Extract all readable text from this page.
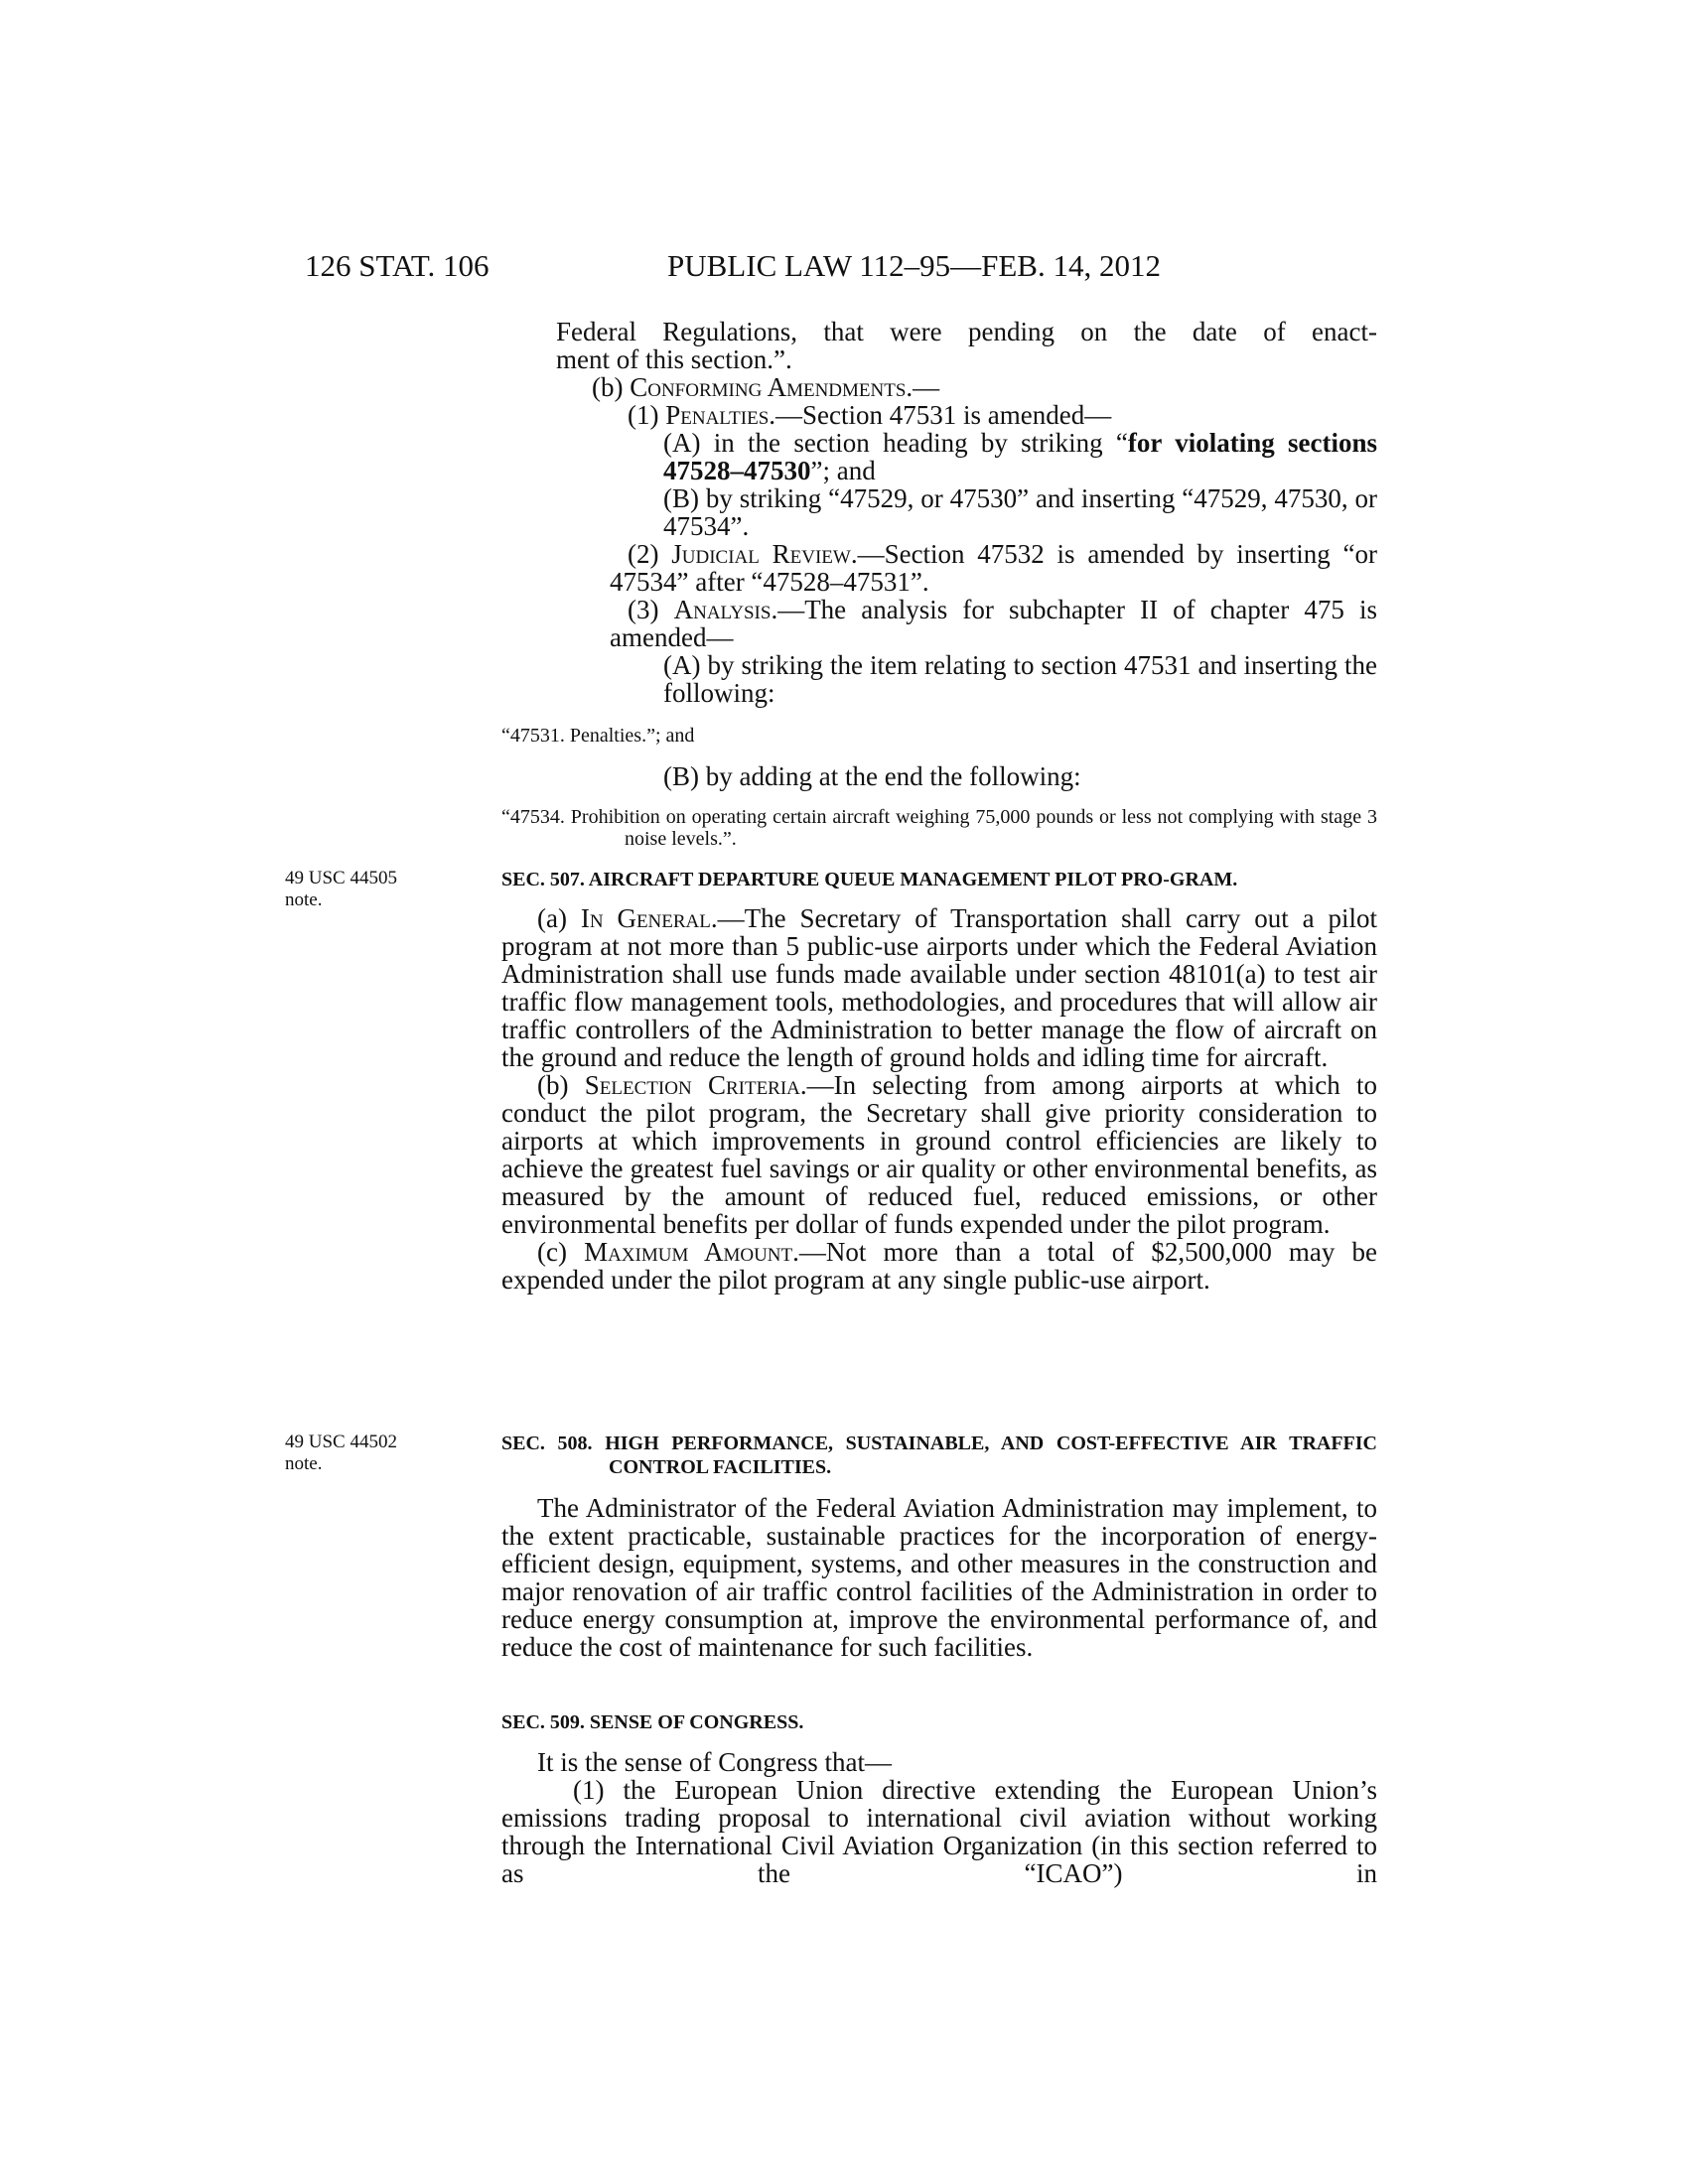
126 STAT. 106	PUBLIC LAW 112–95—FEB. 14, 2012
Federal Regulations, that were pending on the date of enact-
ment of this section.”.
(b) Conforming Amendments.—
(1) Penalties.—Section 47531 is amended—
(A) in the section heading by striking “for violating sections 47528–47530”; and
(B) by striking “47529, or 47530” and inserting “47529, 47530, or 47534”.
(2) Judicial Review.—Section 47532 is amended by inserting “or 47534” after “47528–47531”.
(3) Analysis.—The analysis for subchapter II of chapter 475 is amended—
(A) by striking the item relating to section 47531 and inserting the following:
“47531. Penalties.”; and
(B) by adding at the end the following:
“47534. Prohibition on operating certain aircraft weighing 75,000 pounds or less not complying with stage 3 noise levels.”.
49 USC 44505
note.
49 USC 44502
note.
SEC. 507. AIRCRAFT DEPARTURE QUEUE MANAGEMENT PILOT PRO-GRAM.
(a) In General.—The Secretary of Transportation shall carry out a pilot program at not more than 5 public-use airports under which the Federal Aviation Administration shall use funds made available under section 48101(a) to test air traffic flow management tools, methodologies, and procedures that will allow air traffic controllers of the Administration to better manage the flow of aircraft on the ground and reduce the length of ground holds and idling time for aircraft.
(b) Selection Criteria.—In selecting from among airports at which to conduct the pilot program, the Secretary shall give priority consideration to airports at which improvements in ground control efficiencies are likely to achieve the greatest fuel savings or air quality or other environmental benefits, as measured by the amount of reduced fuel, reduced emissions, or other environmental benefits per dollar of funds expended under the pilot program.
(c) Maximum Amount.—Not more than a total of $2,500,000 may be expended under the pilot program at any single public-use airport.
SEC. 508. HIGH PERFORMANCE, SUSTAINABLE, AND COST-EFFECTIVE AIR TRAFFIC CONTROL FACILITIES.
The Administrator of the Federal Aviation Administration may implement, to the extent practicable, sustainable practices for the incorporation of energy-efficient design, equipment, systems, and other measures in the construction and major renovation of air traffic control facilities of the Administration in order to reduce energy consumption at, improve the environmental performance of, and reduce the cost of maintenance for such facilities.
SEC. 509. SENSE OF CONGRESS.
It is the sense of Congress that—
(1) the European Union directive extending the European Union’s emissions trading proposal to international civil aviation without working through the International Civil Aviation Organization (in this section referred to as the “ICAO”) in
